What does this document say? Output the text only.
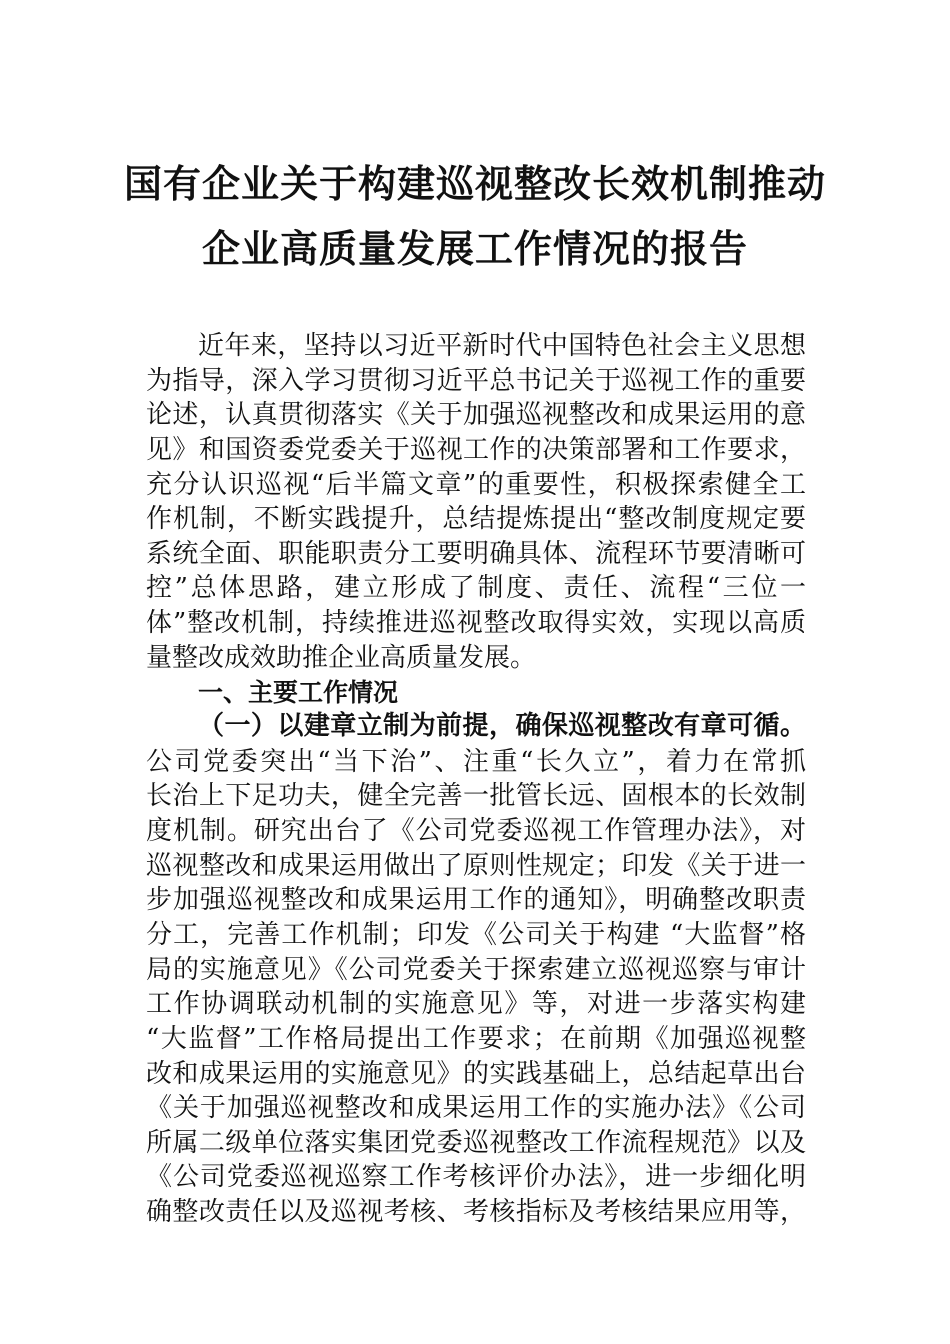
国有企业关于构建巡视整改长效机制推动
企业高质量发展工作情况的报告
近年来，坚持以习近平新时代中国特色社会主义思想
为指导，深入学习贯彻习近平总书记关于巡视工作的重要
论述，认真贯彻落实《关于加强巡视整改和成果运用的意
见》和国资委党委关于巡视工作的决策部署和工作要求，
充分认识巡视“后半篇文章”的重要性，积极探索健全工
作机制，不断实践提升，总结提炼提出“整改制度规定要
系统全面、职能职责分工要明确具体、流程环节要清晰可
控”总体思路，建立形成了制度、责任、流程“三位一
体”整改机制，持续推进巡视整改取得实效，实现以高质
量整改成效助推企业高质量发展。
一、主要工作情况
（一）以建章立制为前提，确保巡视整改有章可循。
公司党委突出“当下治”、注重“长久立”，着力在常抓
长治上下足功夫，健全完善一批管长远、固根本的长效制
度机制。研究出台了《公司党委巡视工作管理办法》，对
巡视整改和成果运用做出了原则性规定；印发《关于进一
步加强巡视整改和成果运用工作的通知》，明确整改职责
分工，完善工作机制；印发《公司关于构建 “大监督”格
局的实施意见》《公司党委关于探索建立巡视巡察与审计
工作协调联动机制的实施意见》等，对进一步落实构建
“大监督”工作格局提出工作要求；在前期《加强巡视整
改和成果运用的实施意见》的实践基础上，总结起草出台
《关于加强巡视整改和成果运用工作的实施办法》《公司
所属二级单位落实集团党委巡视整改工作流程规范》以及
《公司党委巡视巡察工作考核评价办法》，进一步细化明
确整改责任以及巡视考核、考核指标及考核结果应用等，
